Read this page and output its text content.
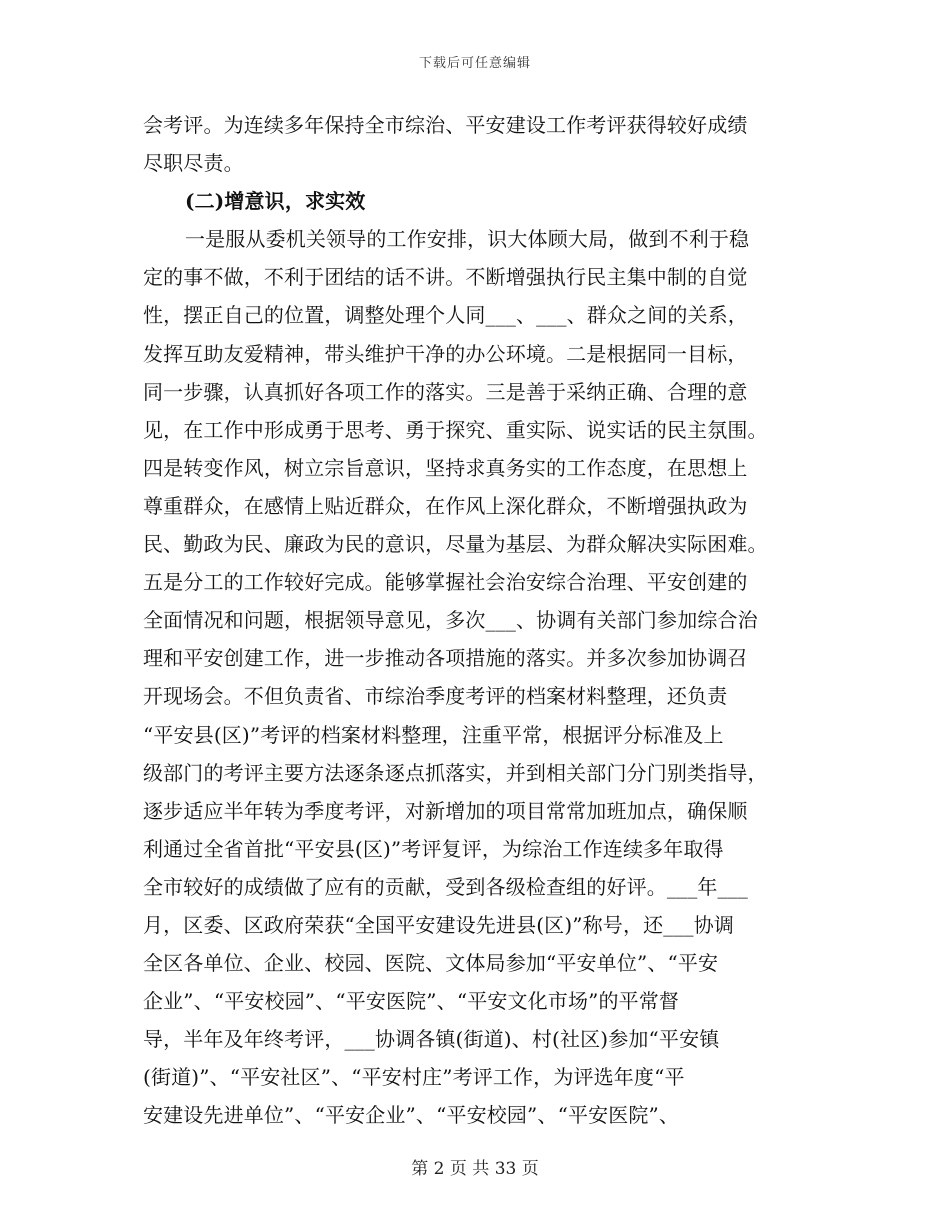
下载后可任意编辑
会考评。为连续多年保持全市综治、平安建设工作考评获得较好成绩
尽职尽责。
(二)增意识，求实效
一是服从委机关领导的工作安排，识大体顾大局，做到不利于稳
定的事不做，不利于团结的话不讲。不断增强执行民主集中制的自觉
性，摆正自己的位置，调整处理个人同___、___、群众之间的关系，
发挥互助友爱精神，带头维护干净的办公环境。二是根据同一目标，
同一步骤，认真抓好各项工作的落实。三是善于采纳正确、合理的意
见，在工作中形成勇于思考、勇于探究、重实际、说实话的民主氛围。
四是转变作风，树立宗旨意识，坚持求真务实的工作态度，在思想上
尊重群众，在感情上贴近群众，在作风上深化群众，不断增强执政为
民、勤政为民、廉政为民的意识，尽量为基层、为群众解决实际困难。
五是分工的工作较好完成。能够掌握社会治安综合治理、平安创建的
全面情况和问题，根据领导意见，多次___、协调有关部门参加综合治
理和平安创建工作，进一步推动各项措施的落实。并多次参加协调召
开现场会。不但负责省、市综治季度考评的档案材料整理，还负责
“平安县(区)”考评的档案材料整理，注重平常，根据评分标准及上
级部门的考评主要方法逐条逐点抓落实，并到相关部门分门别类指导，
逐步适应半年转为季度考评，对新增加的项目常常加班加点，确保顺
利通过全省首批“平安县(区)”考评复评，为综治工作连续多年取得
全市较好的成绩做了应有的贡献，受到各级检查组的好评。___年___
月，区委、区政府荣获“全国平安建设先进县(区)”称号，还___协调
全区各单位、企业、校园、医院、文体局参加“平安单位”、“平安
企业”、“平安校园”、“平安医院”、“平安文化市场”的平常督
导，半年及年终考评，___协调各镇(街道)、村(社区)参加“平安镇
(街道)”、“平安社区”、“平安村庄”考评工作，为评选年度“平
安建设先进单位”、“平安企业”、“平安校园”、“平安医院”、
第 2 页 共 33 页
